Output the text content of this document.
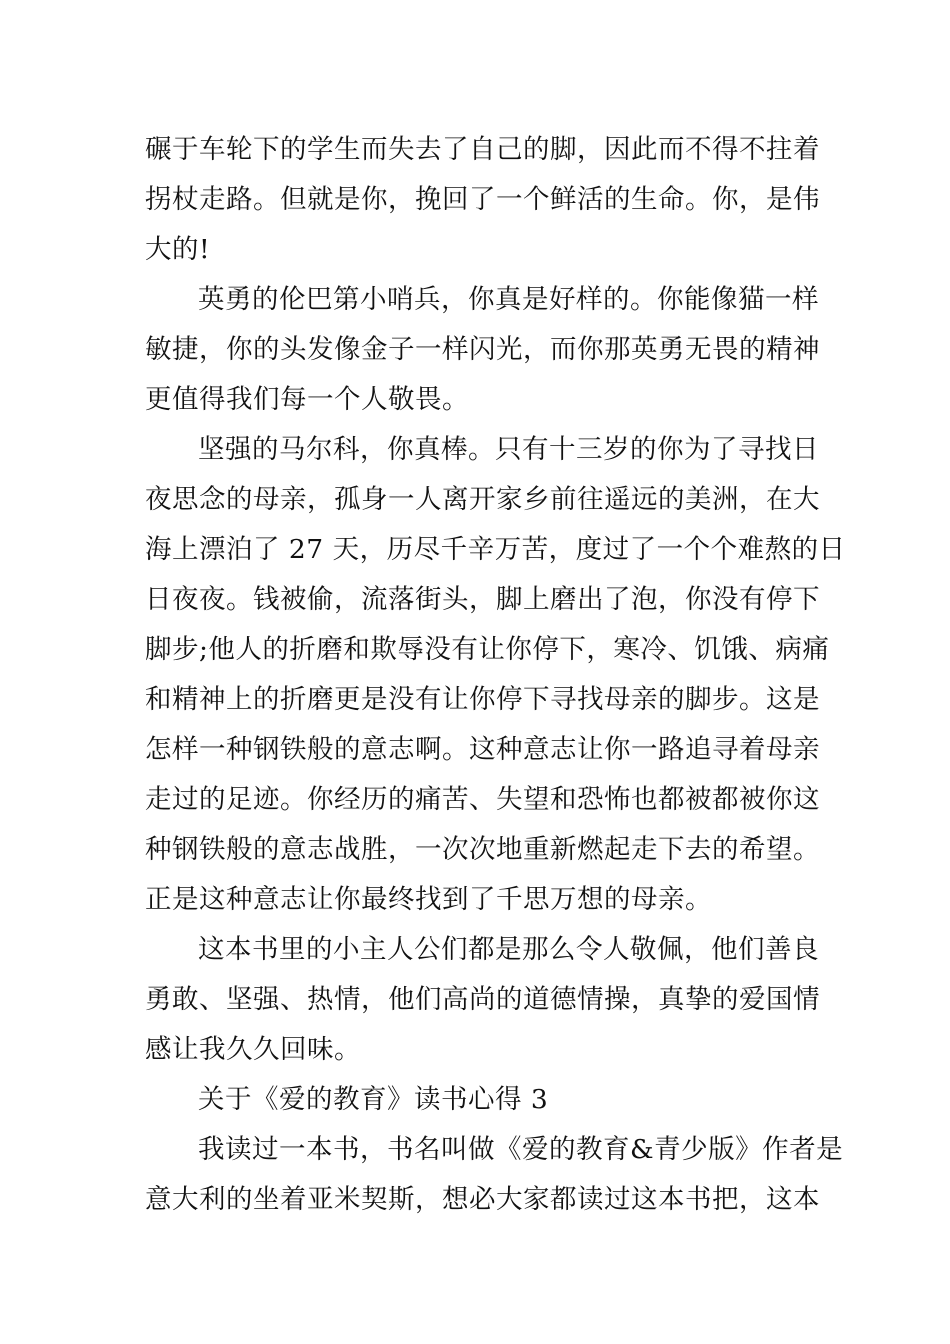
碾于车轮下的学生而失去了自己的脚，因此而不得不拄着
拐杖走路。但就是你，挽回了一个鲜活的生命。你，是伟
大的!
英勇的伦巴第小哨兵，你真是好样的。你能像猫一样
敏捷，你的头发像金子一样闪光，而你那英勇无畏的精神
更值得我们每一个人敬畏。
坚强的马尔科，你真棒。只有十三岁的你为了寻找日
夜思念的母亲，孤身一人离开家乡前往遥远的美洲，在大
海上漂泊了 27 天，历尽千辛万苦，度过了一个个难熬的日
日夜夜。钱被偷，流落街头，脚上磨出了泡，你没有停下
脚步;他人的折磨和欺辱没有让你停下，寒冷、饥饿、病痛
和精神上的折磨更是没有让你停下寻找母亲的脚步。这是
怎样一种钢铁般的意志啊。这种意志让你一路追寻着母亲
走过的足迹。你经历的痛苦、失望和恐怖也都被都被你这
种钢铁般的意志战胜，一次次地重新燃起走下去的希望。
正是这种意志让你最终找到了千思万想的母亲。
这本书里的小主人公们都是那么令人敬佩，他们善良
勇敢、坚强、热情，他们高尚的道德情操，真挚的爱国情
感让我久久回味。
关于《爱的教育》读书心得 3
我读过一本书，书名叫做《爱的教育&青少版》作者是
意大利的坐着亚米契斯，想必大家都读过这本书把，这本
